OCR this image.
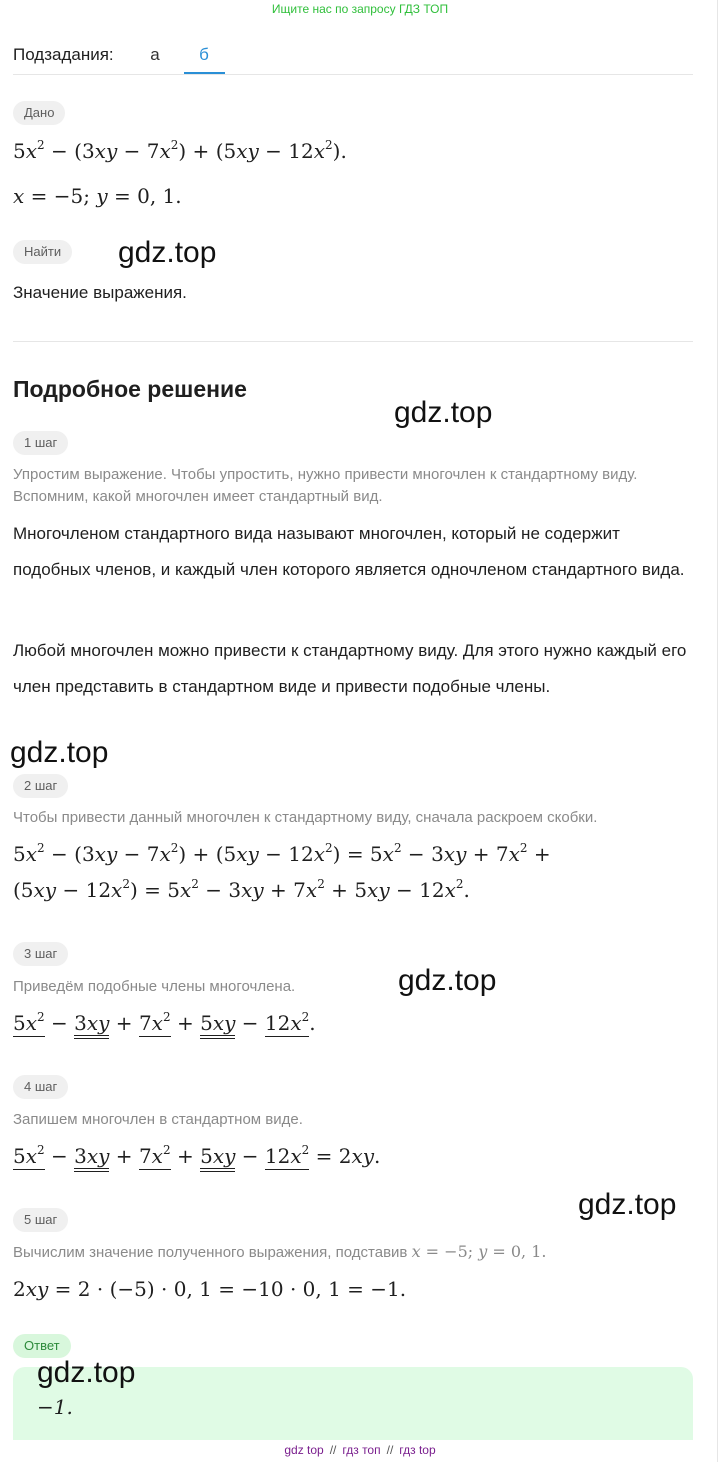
Ищите нас по запросу ГДЗ ТОП
Подзадания:	а	б
Дано
$5x^2 - (3xy - 7x^2) + (5xy - 12x^2)$.
x = −5; y = 0, 1.
Найти
Значение выражения.
Подробное решение
1 шаг
Упростим выражение. Чтобы упростить, нужно привести многочлен к стандартному виду. Вспомним, какой многочлен имеет стандартный вид.
Многочленом стандартного вида называют многочлен, который не содержит подобных членов, и каждый член которого является одночленом стандартного вида.
Любой многочлен можно привести к стандартному виду. Для этого нужно каждый его член представить в стандартном виде и привести подобные члены.
2 шаг
Чтобы привести данный многочлен к стандартному виду, сначала раскроем скобки.
$5x^2 - (3xy - 7x^2) + (5xy - 12x^2) = 5x^2 - 3xy + 7x^2$ +
$(5xy - 12x^2) = 5x^2 - 3xy + 7x^2 + 5xy - 12x^2$.
3 шаг
Приведём подобные члены многочлена.
$5x^2 - 3xy + 7x^2 + 5xy - 12x^2$.
4 шаг
Запишем многочлен в стандартном виде.
$5x^2 - 3xy + 7x^2 + 5xy - 12x^2 = 2xy$.
5 шаг
Вычислим значение полученного выражения, подставив x = −5; y = 0, 1.
2xy = 2 · (−5) · 0, 1 = −10 · 0, 1 = −1.
Ответ
−1.
gdz.top
gdz.top
gdz.top
gdz.top
gdz.top
gdz.top
gdz top // гдз топ // гдз top
